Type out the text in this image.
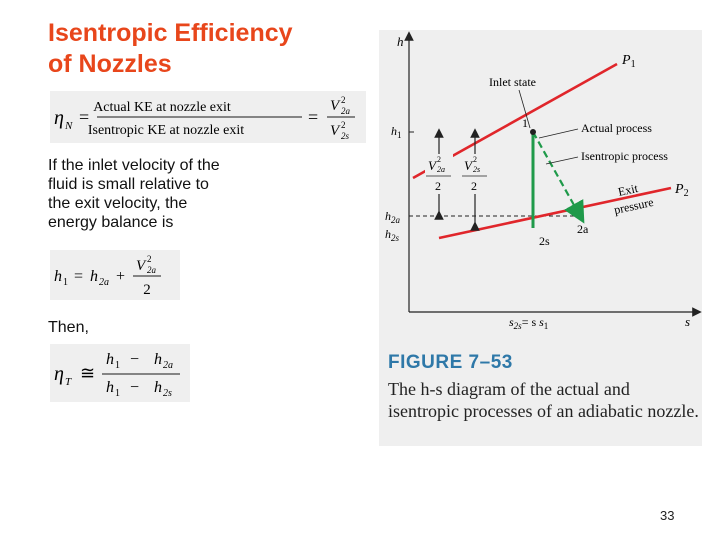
Isentropic Efficiency
of Nozzles
η N = Actual KE at nozzle exit
Isentropic KE at nozzle exit
=
V 2
2a
V 2
2s
If the inlet velocity of the
fluid is small relative to
the exit velocity, the
energy balance is
h 1 = h 2a +
V 2
2a
2
Then,
η T ≅
h 1 − h 2a
h 1 − h 2s
h
s
$h_1$
$h_{2a}$
$h_{2s}$
$P_1$
$P_2$
Inlet state
1	Actual process
Isentropic process
Exit
pressure
2a
2s
V 2
2a
2
V 2
2s
2
$s_{2s}= s$ $s_1$
FIGURE 7–53
The h-s diagram of the actual and isentropic processes of an adiabatic nozzle.
33
